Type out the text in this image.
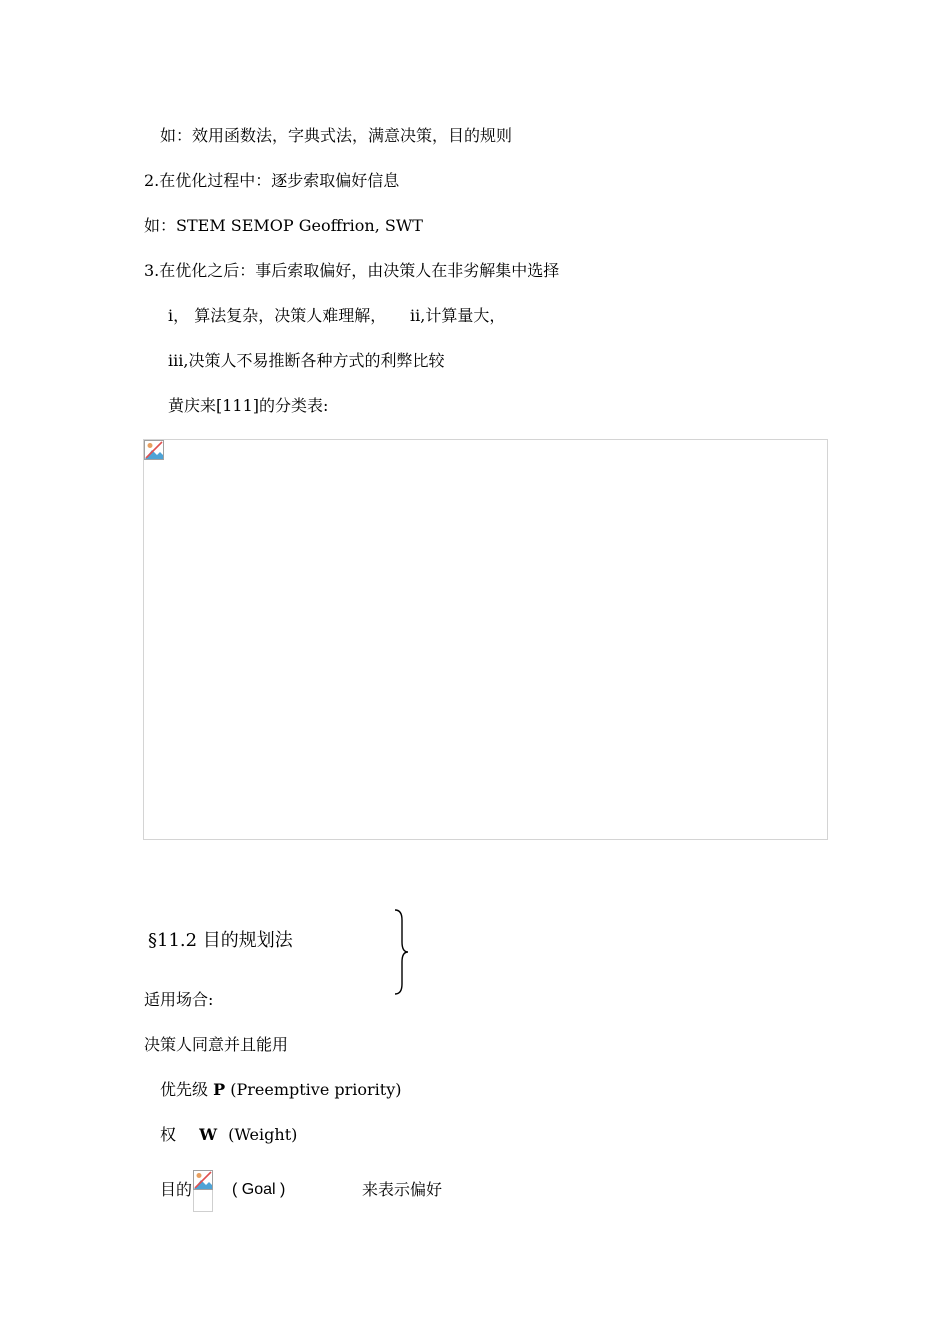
如：效用函数法，字典式法，满意决策，目的规则
2.在优化过程中：逐步索取偏好信息
如：STEM SEMOP Geoffrion, SWT
3.在优化之后：事后索取偏好，由决策人在非劣解集中选择
i， 算法复杂，决策人难理解， ii,计算量大，
iii,决策人不易推断各种方式的利弊比较
黄庆来[111]的分类表:
§11.2 目的规划法
适用场合:
决策人同意并且能用
优先级 P (Preemptive priority)
权 W (Weight)
目的 ( Goal )	来表示偏好
